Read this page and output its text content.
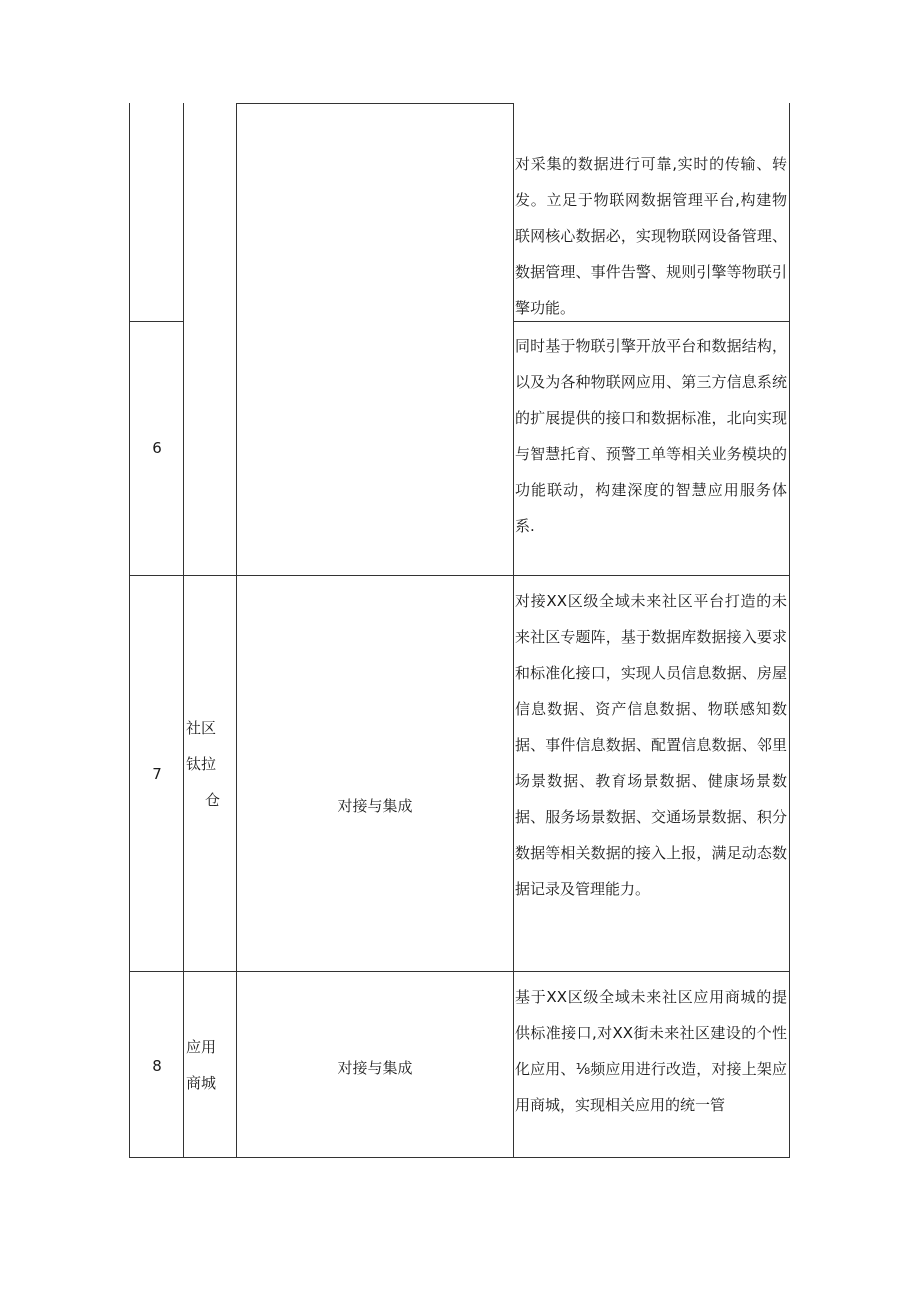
6

对采集的数据进行可靠,实时的传输、转发。立足于物联网数据管理平台,构建物联网核心数据必，实现物联网设备管理、数据管理、事件告警、规则引擎等物联引擎功能。

同时基于物联引擎开放平台和数据结构，以及为各种物联网应用、第三方信息系统的扩展提供的接口和数据标准，北向实现与智慧托育、预警工单等相关业务模块的功能联动，构建深度的智慧应用服务体系.

7
社区
钛拉
仓	对接与集成

对接XX区级全域未来社区平台打造的未来社区专题阵，基于数据库数据接入要求和标准化接口，实现人员信息数据、房屋信息数据、资产信息数据、物联感知数据、事件信息数据、配置信息数据、邻里场景数据、教育场景数据、健康场景数据、服务场景数据、交通场景数据、积分数据等相关数据的接入上报，满足动态数据记录及管理能力。

8
应用
商城
对接与集成

基于XX区级全域未来社区应用商城的提供标准接口,对XX街未来社区建设的个性化应用、⅛频应用进行改造，对接上架应用商城，实现相关应用的统一管
